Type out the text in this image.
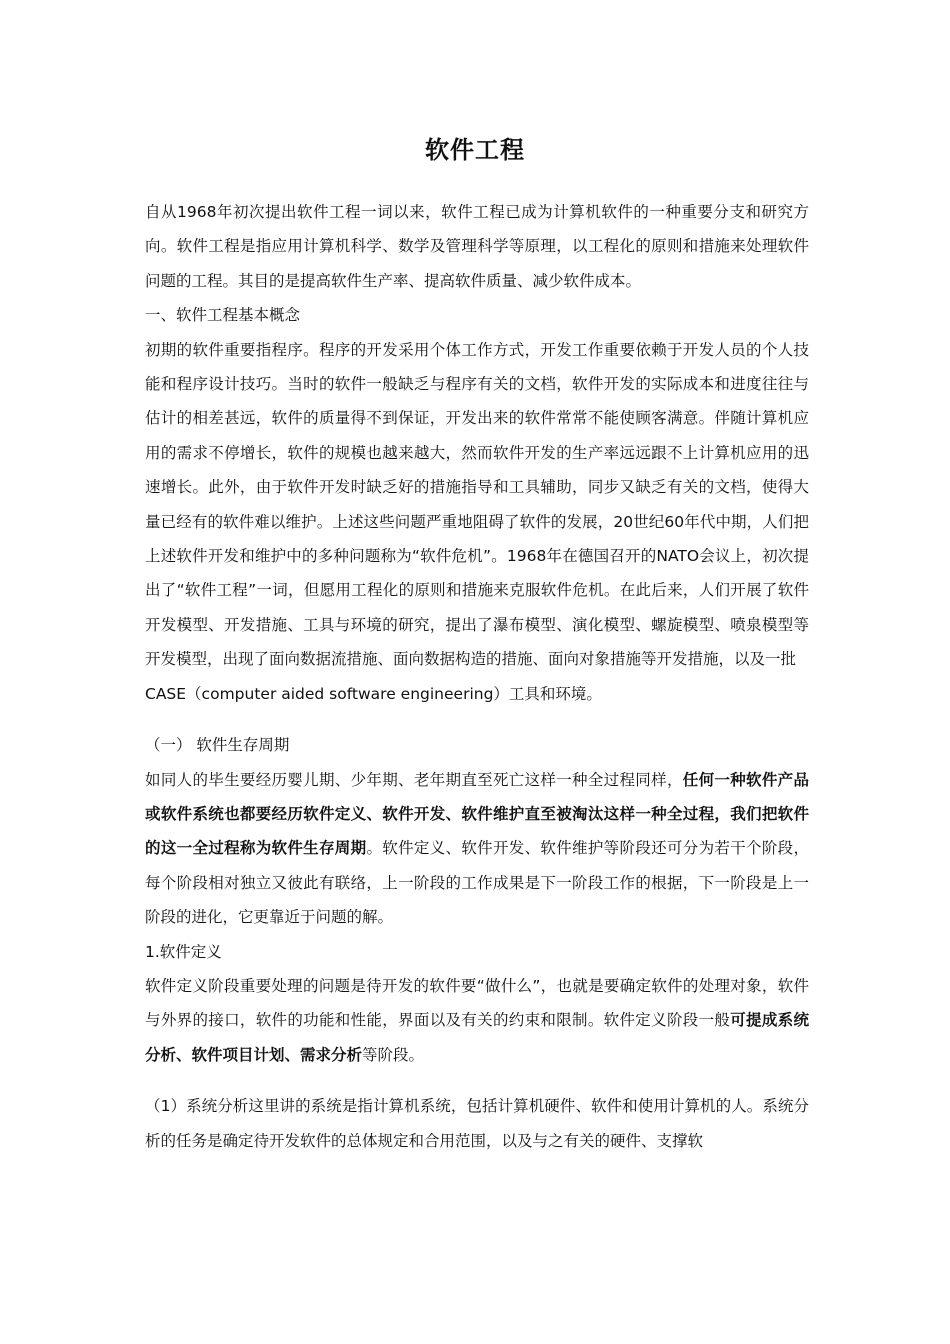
软件工程

自从1968年初次提出软件工程一词以来，软件工程已成为计算机软件的一种重要分支和研究方向。软件工程是指应用计算机科学、数学及管理科学等原理，以工程化的原则和措施来处理软件问题的工程。其目的是提高软件生产率、提高软件质量、减少软件成本。

一、软件工程基本概念

初期的软件重要指程序。程序的开发采用个体工作方式，开发工作重要依赖于开发人员的个人技能和程序设计技巧。当时的软件一般缺乏与程序有关的文档，软件开发的实际成本和进度往往与估计的相差甚远，软件的质量得不到保证，开发出来的软件常常不能使顾客满意。伴随计算机应用的需求不停增长，软件的规模也越来越大，然而软件开发的生产率远远跟不上计算机应用的迅速增长。此外，由于软件开发时缺乏好的措施指导和工具辅助，同步又缺乏有关的文档，使得大量已经有的软件难以维护。上述这些问题严重地阻碍了软件的发展，20世纪60年代中期，人们把上述软件开发和维护中的多种问题称为“软件危机”。1968年在德国召开的NATO会议上，初次提出了“软件工程”一词，但愿用工程化的原则和措施来克服软件危机。在此后来，人们开展了软件开发模型、开发措施、工具与环境的研究，提出了瀑布模型、演化模型、螺旋模型、喷泉模型等开发模型，出现了面向数据流措施、面向数据构造的措施、面向对象措施等开发措施，以及一批

CASE（computer aided software engineering）工具和环境。

（一） 软件生存周期

如同人的毕生要经历婴儿期、少年期、老年期直至死亡这样一种全过程同样，任何一种软件产品或软件系统也都要经历软件定义、软件开发、软件维护直至被淘汰这样一种全过程，我们把软件的这一全过程称为软件生存周期。软件定义、软件开发、软件维护等阶段还可分为若干个阶段，每个阶段相对独立又彼此有联络，上一阶段的工作成果是下一阶段工作的根据，下一阶段是上一阶段的进化，它更靠近于问题的解。

1.软件定义

软件定义阶段重要处理的问题是待开发的软件要“做什么”，也就是要确定软件的处理对象，软件与外界的接口，软件的功能和性能，界面以及有关的约束和限制。软件定义阶段一般可提成系统分析、软件项目计划、需求分析等阶段。

（1）系统分析这里讲的系统是指计算机系统，包括计算机硬件、软件和使用计算机的人。系统分析的任务是确定待开发软件的总体规定和合用范围，以及与之有关的硬件、支撑软
